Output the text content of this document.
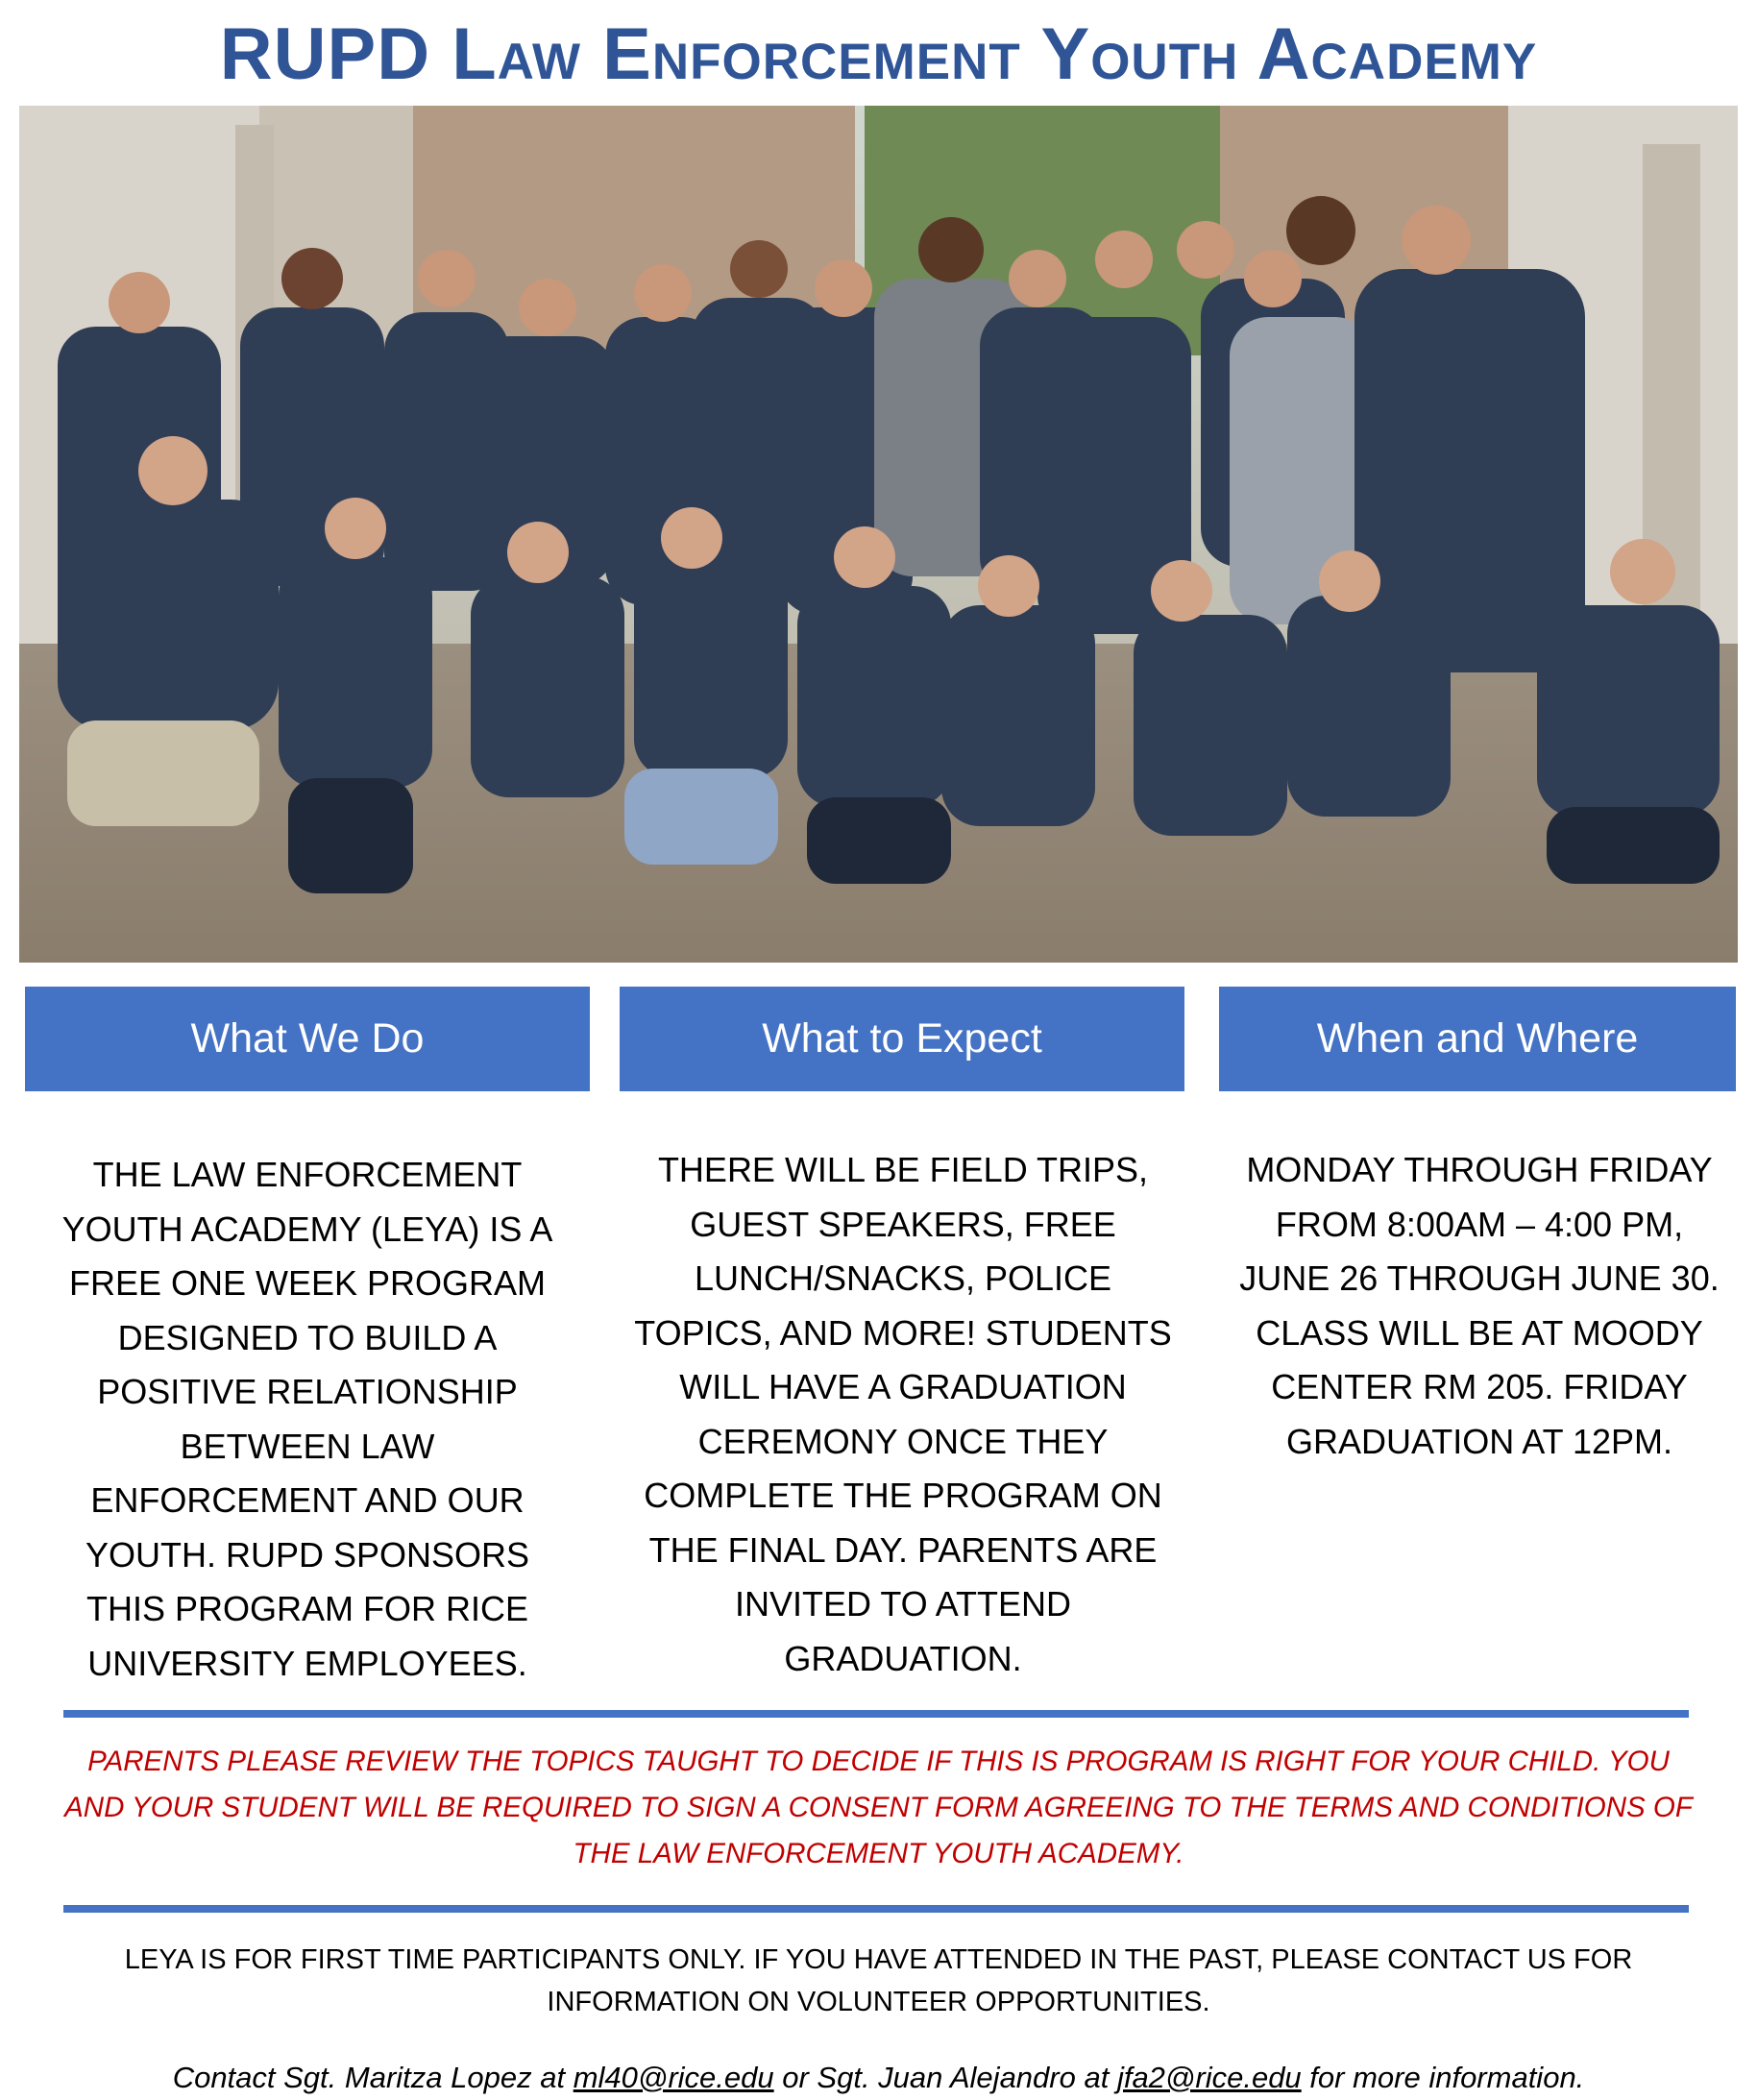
RUPD Law Enforcement Youth Academy
What We Do	What to Expect	When and Where
THE LAW ENFORCEMENT YOUTH ACADEMY (LEYA) IS A FREE ONE WEEK PROGRAM DESIGNED TO BUILD A POSITIVE RELATIONSHIP BETWEEN LAW ENFORCEMENT AND OUR YOUTH. RUPD SPONSORS THIS PROGRAM FOR RICE UNIVERSITY EMPLOYEES.
THERE WILL BE FIELD TRIPS, GUEST SPEAKERS, FREE LUNCH/SNACKS, POLICE TOPICS, AND MORE! STUDENTS WILL HAVE A GRADUATION CEREMONY ONCE THEY COMPLETE THE PROGRAM ON THE FINAL DAY. PARENTS ARE INVITED TO ATTEND GRADUATION.
MONDAY THROUGH FRIDAY FROM 8:00AM – 4:00 PM, JUNE 26 THROUGH JUNE 30. CLASS WILL BE AT MOODY CENTER RM 205. FRIDAY GRADUATION AT 12PM.
PARENTS PLEASE REVIEW THE TOPICS TAUGHT TO DECIDE IF THIS IS PROGRAM IS RIGHT FOR YOUR CHILD. YOU AND YOUR STUDENT WILL BE REQUIRED TO SIGN A CONSENT FORM AGREEING TO THE TERMS AND CONDITIONS OF THE LAW ENFORCEMENT YOUTH ACADEMY.
LEYA IS FOR FIRST TIME PARTICIPANTS ONLY. IF YOU HAVE ATTENDED IN THE PAST, PLEASE CONTACT US FOR INFORMATION ON VOLUNTEER OPPORTUNITIES.
Contact Sgt. Maritza Lopez at ml40@rice.edu or Sgt. Juan Alejandro at jfa2@rice.edu for more information.
